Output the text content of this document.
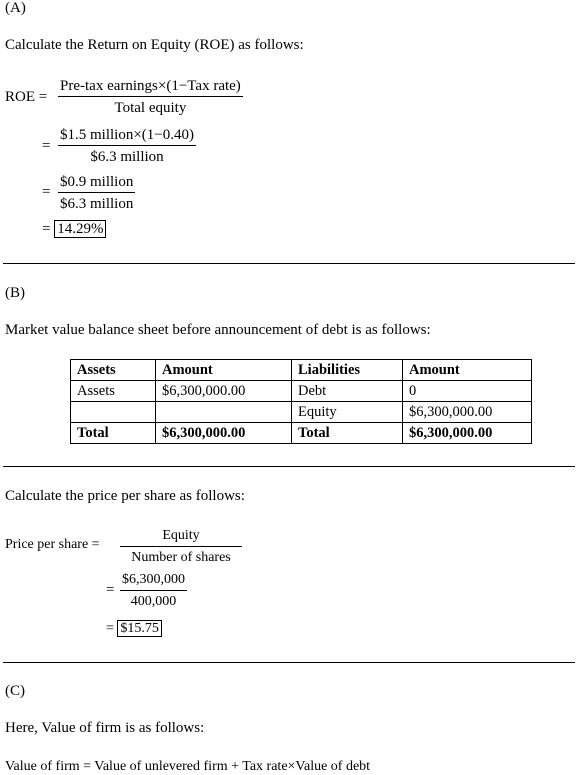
(A)
Calculate the Return on Equity (ROE) as follows:
ROE =
Pre-tax earnings×(1−Tax rate)
Total equity
=
$1.5 million×(1−0.40)
$6.3 million
=
$0.9 million
$6.3 million
= 14.29%
(B)
Market value balance sheet before announcement of debt is as follows:
Assets	Amount	Liabilities	Amount
Assets	$6,300,000.00	Debt	0
		Equity	$6,300,000.00
Total	$6,300,000.00	Total	$6,300,000.00
Calculate the price per share as follows:
Price per share =
Equity
Number of shares
= $\frac{\$6,300,000}{400,000}$
= $15.75
(C)
Here, Value of firm is as follows:
Value of firm = Value of unlevered firm + Tax rate×Value of debt
